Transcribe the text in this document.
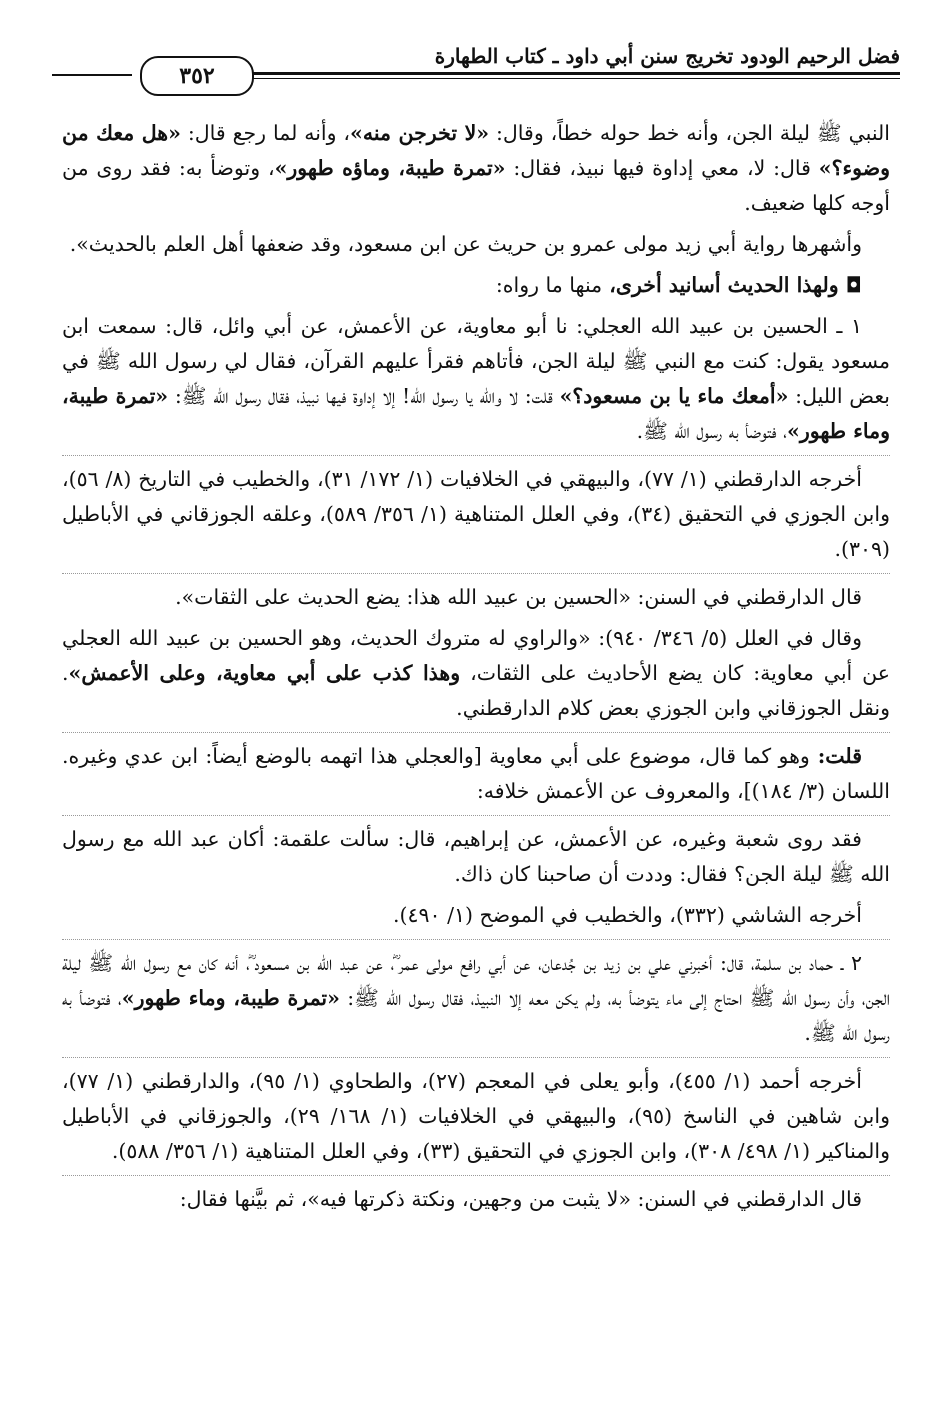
فضل الرحيم الودود تخريج سنن أبي داود ـ كتاب الطهارة
٣٥٢

النبي ﷺ ليلة الجن، وأنه خط حوله خطاً، وقال: «لا تخرجن منه»، وأنه لما رجع قال: «هل معك من وضوء؟» قال: لا، معي إداوة فيها نبيذ، فقال: «تمرة طيبة، وماؤه طهور»، وتوضأ به: فقد روى من أوجه كلها ضعيف.

وأشهرها رواية أبي زيد مولى عمرو بن حريث عن ابن مسعود، وقد ضعفها أهل العلم بالحديث».

◘ ولهذا الحديث أسانيد أخرى، منها ما رواه:

١ ـ الحسين بن عبيد الله العجلي: نا أبو معاوية، عن الأعمش، عن أبي وائل، قال: سمعت ابن مسعود يقول: كنت مع النبي ﷺ ليلة الجن، فأتاهم فقرأ عليهم القرآن، فقال لي رسول الله ﷺ في بعض الليل: «أمعك ماء يا بن مسعود؟» قلت: لا والله يا رسول الله! إلا إداوة فيها نبيذ، فقال رسول الله ﷺ: «تمرة طيبة، وماء طهور»، فتوضأ به رسول الله ﷺ.

أخرجه الدارقطني (١/ ٧٧)، والبيهقي في الخلافيات (١/ ١٧٢/ ٣١)، والخطيب في التاريخ (٨/ ٥٦)، وابن الجوزي في التحقيق (٣٤)، وفي العلل المتناهية (١/ ٣٥٦/ ٥٨٩)، وعلقه الجوزقاني في الأباطيل (٣٠٩).

قال الدارقطني في السنن: «الحسين بن عبيد الله هذا: يضع الحديث على الثقات».

وقال في العلل (٥/ ٣٤٦/ ٩٤٠): «والراوي له متروك الحديث، وهو الحسين بن عبيد الله العجلي عن أبي معاوية: كان يضع الأحاديث على الثقات، وهذا كذب على أبي معاوية، وعلى الأعمش». ونقل الجوزقاني وابن الجوزي بعض كلام الدارقطني.

قلت: وهو كما قال، موضوع على أبي معاوية [والعجلي هذا اتهمه بالوضع أيضاً: ابن عدي وغيره. اللسان (٣/ ١٨٤)]، والمعروف عن الأعمش خلافه:

فقد روى شعبة وغيره، عن الأعمش، عن إبراهيم، قال: سألت علقمة: أكان عبد الله مع رسول الله ﷺ ليلة الجن؟ فقال: وددت أن صاحبنا كان ذاك.

أخرجه الشاشي (٣٣٢)، والخطيب في الموضح (١/ ٤٩٠).

٢ ـ حماد بن سلمة، قال: أخبرني علي بن زيد بن جُدعان، عن أبي رافع مولى عمر ؓ، عن عبد الله بن مسعود ؓ، أنه كان مع رسول الله ﷺ ليلة الجن، وأن رسول الله ﷺ احتاج إلى ماء يتوضأ به، ولم يكن معه إلا النبيذ، فقال رسول الله ﷺ: «تمرة طيبة، وماء طهور»، فتوضأ به رسول الله ﷺ.

أخرجه أحمد (١/ ٤٥٥)، وأبو يعلى في المعجم (٢٧)، والطحاوي (١/ ٩٥)، والدارقطني (١/ ٧٧)، وابن شاهين في الناسخ (٩٥)، والبيهقي في الخلافيات (١/ ١٦٨/ ٢٩)، والجوزقاني في الأباطيل والمناكير (١/ ٤٩٨/ ٣٠٨)، وابن الجوزي في التحقيق (٣٣)، وفي العلل المتناهية (١/ ٣٥٦/ ٥٨٨).

قال الدارقطني في السنن: «لا يثبت من وجهين، ونكتة ذكرتها فيه»، ثم بيَّنها فقال:
